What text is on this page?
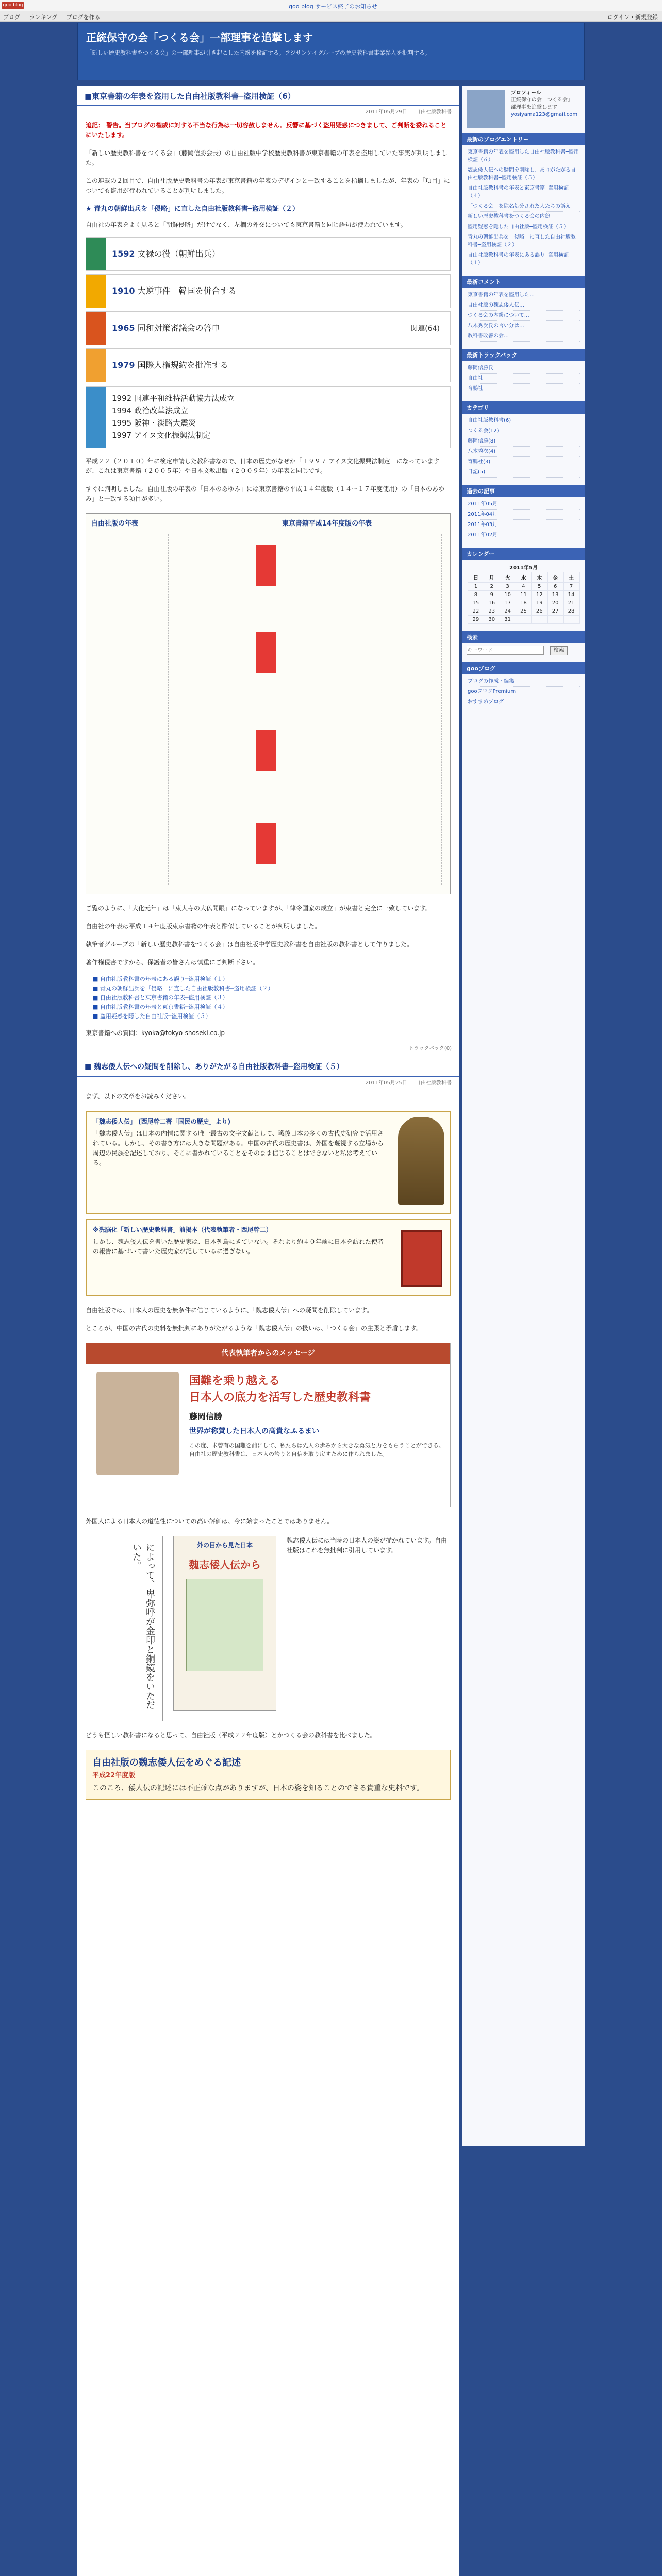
goo blog	goo blog サービス終了のお知らせ
ブログ ランキング ブログを作る	ログイン・新規登録
正統保守の会「つくる会」一部理事を追撃します
「新しい歴史教科書をつくる会」の一部理事が引き起こした内紛を検証する。フジサンケイグループの歴史教科書事業参入を批判する。
■東京書籍の年表を盗用した自由社版教科書─盗用検証（6）
2011年05月29日 ｜ 自由社版教科書
追記： 警告。当ブログの権威に対する不当な行為は一切容赦しません。反響に基づく盗用疑惑につきまして、ご判断を委ねることにいたします。
「新しい歴史教科書をつくる会」（藤岡信勝会長）の自由社版中学校歴史教科書が東京書籍の年表を盗用していた事実が判明しました。
この連載の２回目で、自由社版歴史教科書の年表が東京書籍の年表のデザインと一致することを指摘しましたが、年表の「項目」についても盗用が行われていることが判明しました。
★ 青丸の朝鮮出兵を「侵略」に直した自由社版教科書─盗用検証（２）
自由社の年表をよく見ると「朝鮮侵略」だけでなく、左欄の外交についても東京書籍と同じ語句が使われています。
1592 文禄の役（朝鮮出兵）
1910 大逆事件　韓国を併合する
1965 同和対策審議会の答申	関連(64)
1979 国際人権規約を批准する
1992 国連平和維持活動協力法成立
1994 政治改革法成立
1995 阪神・淡路大震災
1997 アイヌ文化振興法制定
平成２２（２０１０）年に検定申請した教科書なので、日本の歴史がなぜか「１９９７ アイヌ文化振興法制定」になっていますが、これは東京書籍（２００５年）や日本文教出版（２００９年）の年表と同じです。
すぐに判明しました。自由社版の年表の「日本のあゆみ」には東京書籍の平成１４年度版（１４ー１７年度使用）の「日本のあゆみ」と一致する項目が多い。
自由社版の年表	東京書籍平成14年度版の年表
ご覧のように、「大化元年」は「東大寺の大仏開眼」になっていますが、「律令国家の成立」が東書と完全に一致しています。
自由社の年表は平成１４年度版東京書籍の年表と酷似していることが判明しました。
執筆者グループの「新しい歴史教科書をつくる会」は自由社版中学歴史教科書を自由社版の教科書として作りました。
著作権侵害ですから、保護者の皆さんは慎重にご判断下さい。
■ 自由社版教科書の年表にある誤り─盗用検証（１）
■ 青丸の朝鮮出兵を「侵略」に直した自由社版教科書─盗用検証（２）
■ 自由社版教科書と東京書籍の年表─盗用検証（３）
■ 自由社版教科書の年表と東京書籍─盗用検証（４）
■ 盗用疑惑を隠した自由社版─盗用検証（５）
東京書籍への質問：kyoka@tokyo-shoseki.co.jp
トラックバック(0)
■ 魏志倭人伝への疑問を削除し、ありがたがる自由社版教科書─盗用検証（５）
2011年05月25日 ｜ 自由社版教科書
まず、以下の文章をお読みください。
「魏志倭人伝」 (西尾幹二著「国民の歴史」より)
「魏志倭人伝」は日本の内情に関する唯一最古の文字文献として、戦後日本の多くの古代史研究で活用されている。しかし、その書き方には大きな問題がある。中国の古代の歴史書は、外国を蔑視する立場から周辺の民族を記述しており、そこに書かれていることをそのまま信じることはできないと私は考えている。
※洗脳化「新しい歴史教科書」前掲本（代表執筆者・西尾幹二）
しかし、魏志倭人伝を書いた歴史家は、日本列島にきていない。それより約４０年前に日本を訪れた使者の報告に基づいて書いた歴史家が記しているに過ぎない。
自由社版では、日本人の歴史を無条件に信じているように、「魏志倭人伝」への疑問を削除しています。
ところが、中国の古代の史料を無批判にありがたがるような「魏志倭人伝」の扱いは、「つくる会」の主張と矛盾します。
代表執筆者からのメッセージ
国難を乗り越える
日本人の底力を活写した歴史教科書
藤岡信勝
世界が称賛した日本人の高貴なふるまい
この度、未曾有の国難を前にして、私たちは先人の歩みから大きな勇気と力をもらうことができる。自由社の歴史教科書は、日本人の誇りと自信を取り戻すために作られました。
外国人による日本人の道徳性についての高い評価は、今に始まったことではありません。
によって、卑弥呼が金印と銅鏡をいただいた。	外の目から見た日本
魏志倭人伝から
魏志倭人伝には当時の日本人の姿が描かれています。自由社版はこれを無批判に引用しています。
どうも怪しい教科書になると思って、自由社版（平成２２年度版）とかつくる会の教科書を比べました。
自由社版の魏志倭人伝をめぐる記述
平成22年度版
このころ、倭人伝の記述には不正確な点がありますが、日本の姿を知ることのできる貴重な史料です。

プロフィール
正統保守の会「つくる会」一部理事を追撃します
yosiyama123@gmail.com
最新のブログエントリー
東京書籍の年表を盗用した自由社版教科書─盗用検証（６）
魏志倭人伝への疑問を削除し、ありがたがる自由社版教科書─盗用検証（５）
自由社版教科書の年表と東京書籍─盗用検証（４）
「つくる会」を除名処分された人たちの訴え
新しい歴史教科書をつくる会の内紛
盗用疑惑を隠した自由社版─盗用検証（５）
青丸の朝鮮出兵を「侵略」に直した自由社版教科書─盗用検証（２）
自由社版教科書の年表にある誤り─盗用検証（１）
最新コメント
東京書籍の年表を盗用した…
自由社版の魏志倭人伝…
つくる会の内紛について…
八木秀次氏の言い分は…
教科書改善の会…
最新トラックバック
藤岡信勝氏
自由社
育鵬社
カテゴリ
自由社版教科書(6)
つくる会(12)
藤岡信勝(8)
八木秀次(4)
育鵬社(3)
日記(5)
過去の記事
2011年05月
2011年04月
2011年03月
2011年02月
カレンダー
2011年5月
日	月	火	水	木	金	土
1	2	3	4	5	6	7
8	9	10	11	12	13	14
15	16	17	18	19	20	21
22	23	24	25	26	27	28
29	30	31				
検索
キーワード 検索
gooブログ
ブログの作成・編集
gooブログPremium
おすすめブログ
